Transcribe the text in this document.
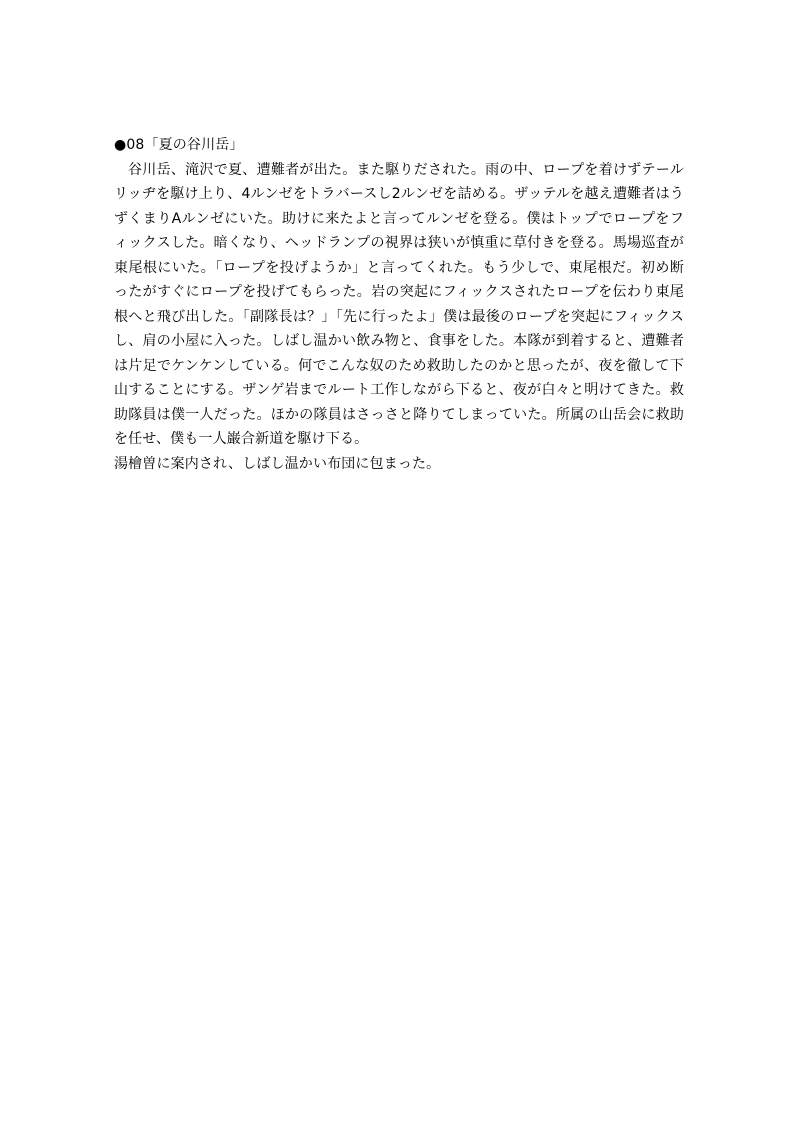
●08「夏の谷川岳」

谷川岳、滝沢で夏、遭難者が出た。また駆りだされた。雨の中、ロープを着けずテールリッヂを駆け上り、4ルンゼをトラバースし2ルンゼを詰める。ザッテルを越え遭難者はうずくまりAルンゼにいた。助けに来たよと言ってルンゼを登る。僕はトップでロープをフィックスした。暗くなり、ヘッドランプの視界は狭いが慎重に草付きを登る。馬場巡査が東尾根にいた。「ロープを投げようか」と言ってくれた。もう少しで、東尾根だ。初め断ったがすぐにロープを投げてもらった。岩の突起にフィックスされたロープを伝わり東尾根へと飛び出した。「副隊長は？」「先に行ったよ」僕は最後のロープを突起にフィックスし、肩の小屋に入った。しばし温かい飲み物と、食事をした。本隊が到着すると、遭難者は片足でケンケンしている。何でこんな奴のため救助したのかと思ったが、夜を徹して下山することにする。ザンゲ岩までルート工作しながら下ると、夜が白々と明けてきた。救助隊員は僕一人だった。ほかの隊員はさっさと降りてしまっていた。所属の山岳会に救助を任せ、僕も一人巌合新道を駆け下る。

湯檜曽に案内され、しばし温かい布団に包まった。
